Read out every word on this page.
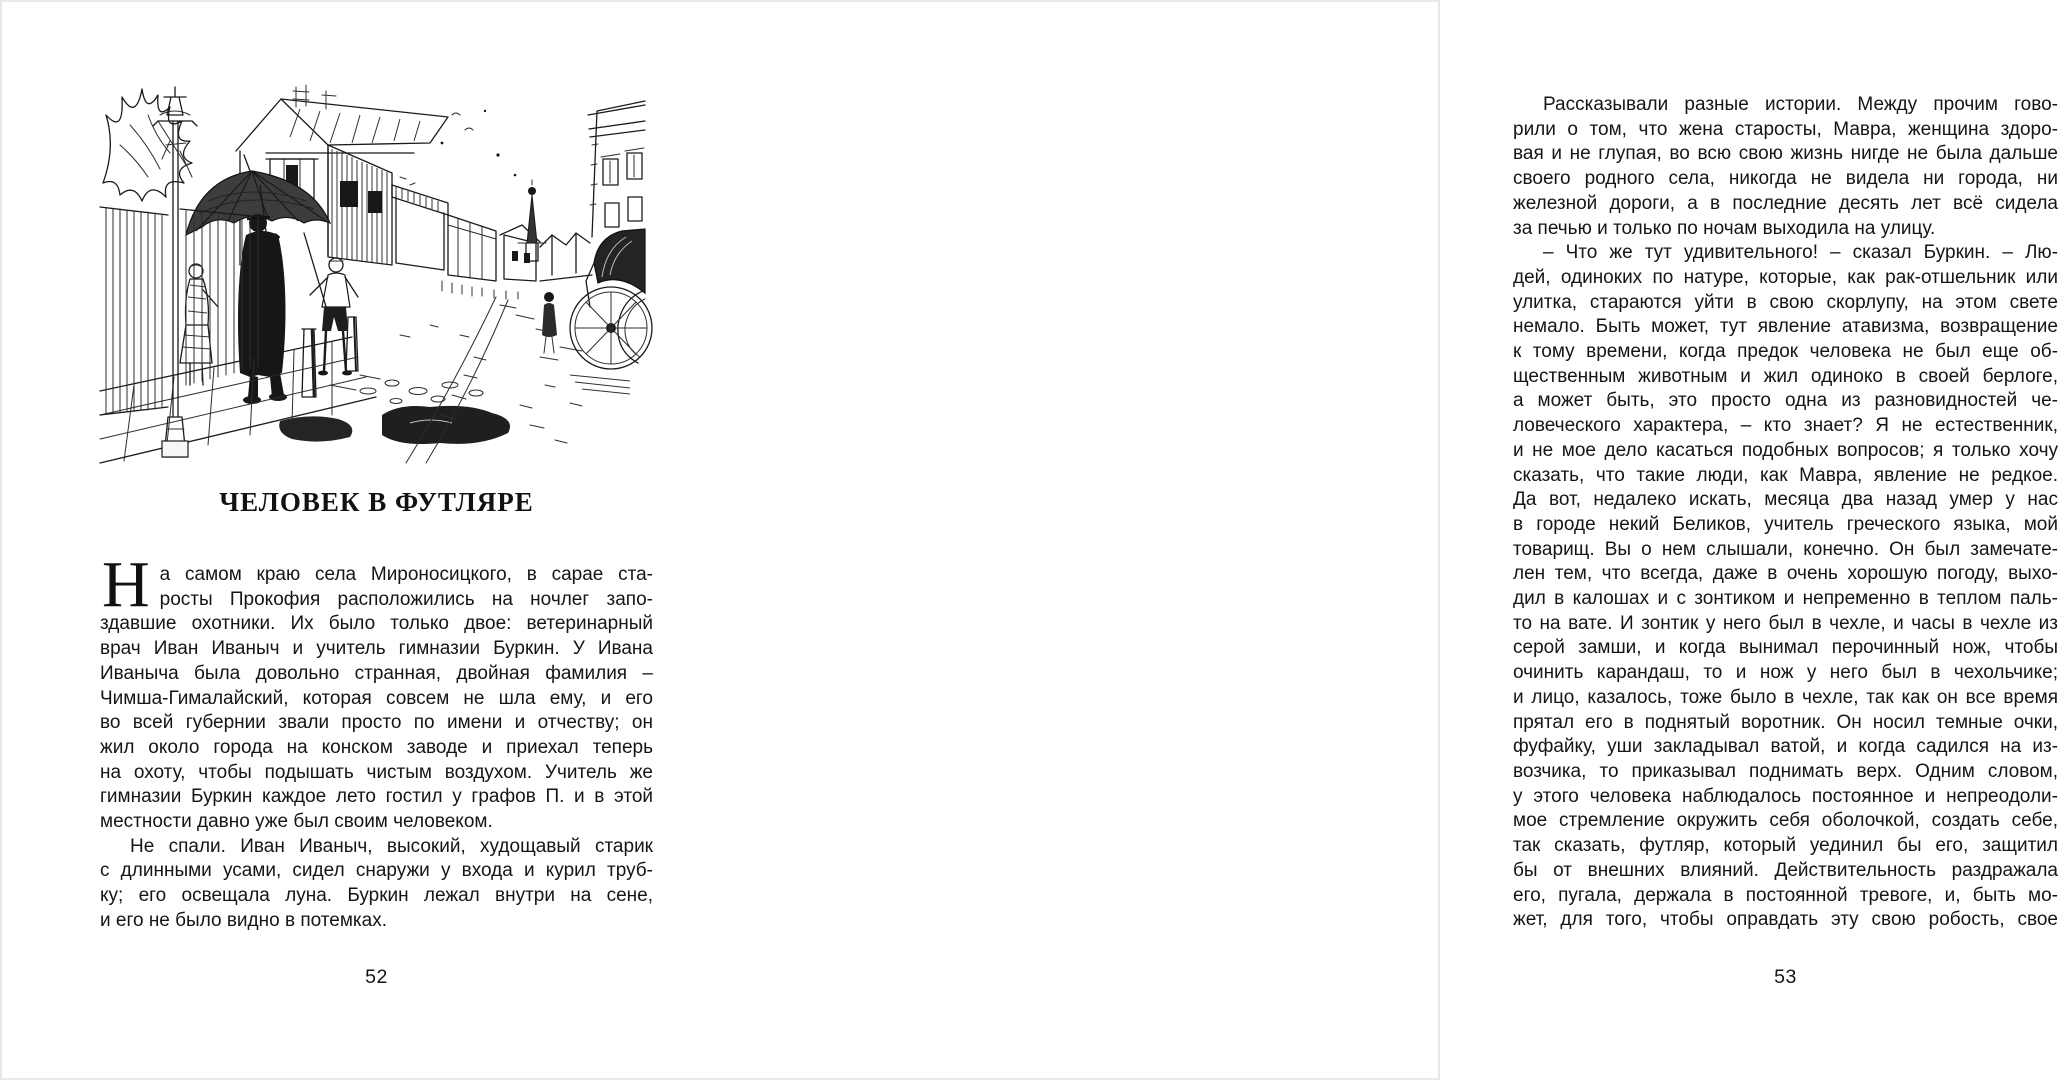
ЧЕЛОВЕК В ФУТЛЯРЕ
Н а самом краю села Мироносицкого, в сарае ста-
росты Прокофия расположились на ночлег запо-
здавшие охотники. Их было только двое: ветеринарный
врач Иван Иваныч и учитель гимназии Буркин. У Ивана
Иваныча была довольно странная, двойная фамилия –
Чимша-Гималайский, которая совсем не шла ему, и его
во всей губернии звали просто по имени и отчеству; он
жил около города на конском заводе и приехал теперь
на охоту, чтобы подышать чистым воздухом. Учитель же
гимназии Буркин каждое лето гостил у графов П. и в этой
местности давно уже был своим человеком.
Не спали. Иван Иваныч, высокий, худощавый старик
с длинными усами, сидел снаружи у входа и курил труб-
ку; его освещала луна. Буркин лежал внутри на сене,
и его не было видно в потемках.
52
Рассказывали разные истории. Между прочим гово-
рили о том, что жена старосты, Мавра, женщина здоро-
вая и не глупая, во всю свою жизнь нигде не была дальше
своего родного села, никогда не видела ни города, ни
железной дороги, а в последние десять лет всё сидела
за печью и только по ночам выходила на улицу.
– Что же тут удивительного! – сказал Буркин. – Лю-
дей, одиноких по натуре, которые, как рак-отшельник или
улитка, стараются уйти в свою скорлупу, на этом свете
немало. Быть может, тут явление атавизма, возвращение
к тому времени, когда предок человека не был еще об-
щественным животным и жил одиноко в своей берлоге,
а может быть, это просто одна из разновидностей че-
ловеческого характера, – кто знает? Я не естественник,
и не мое дело касаться подобных вопросов; я только хочу
сказать, что такие люди, как Мавра, явление не редкое.
Да вот, недалеко искать, месяца два назад умер у нас
в городе некий Беликов, учитель греческого языка, мой
товарищ. Вы о нем слышали, конечно. Он был замечате-
лен тем, что всегда, даже в очень хорошую погоду, выхо-
дил в калошах и с зонтиком и непременно в теплом паль-
то на вате. И зонтик у него был в чехле, и часы в чехле из
серой замши, и когда вынимал перочинный нож, чтобы
очинить карандаш, то и нож у него был в чехольчике;
и лицо, казалось, тоже было в чехле, так как он все время
прятал его в поднятый воротник. Он носил темные очки,
фуфайку, уши закладывал ватой, и когда садился на из-
возчика, то приказывал поднимать верх. Одним словом,
у этого человека наблюдалось постоянное и непреодоли-
мое стремление окружить себя оболочкой, создать себе,
так сказать, футляр, который уединил бы его, защитил
бы от внешних влияний. Действительность раздражала
его, пугала, держала в постоянной тревоге, и, быть мо-
жет, для того, чтобы оправдать эту свою робость, свое
53
